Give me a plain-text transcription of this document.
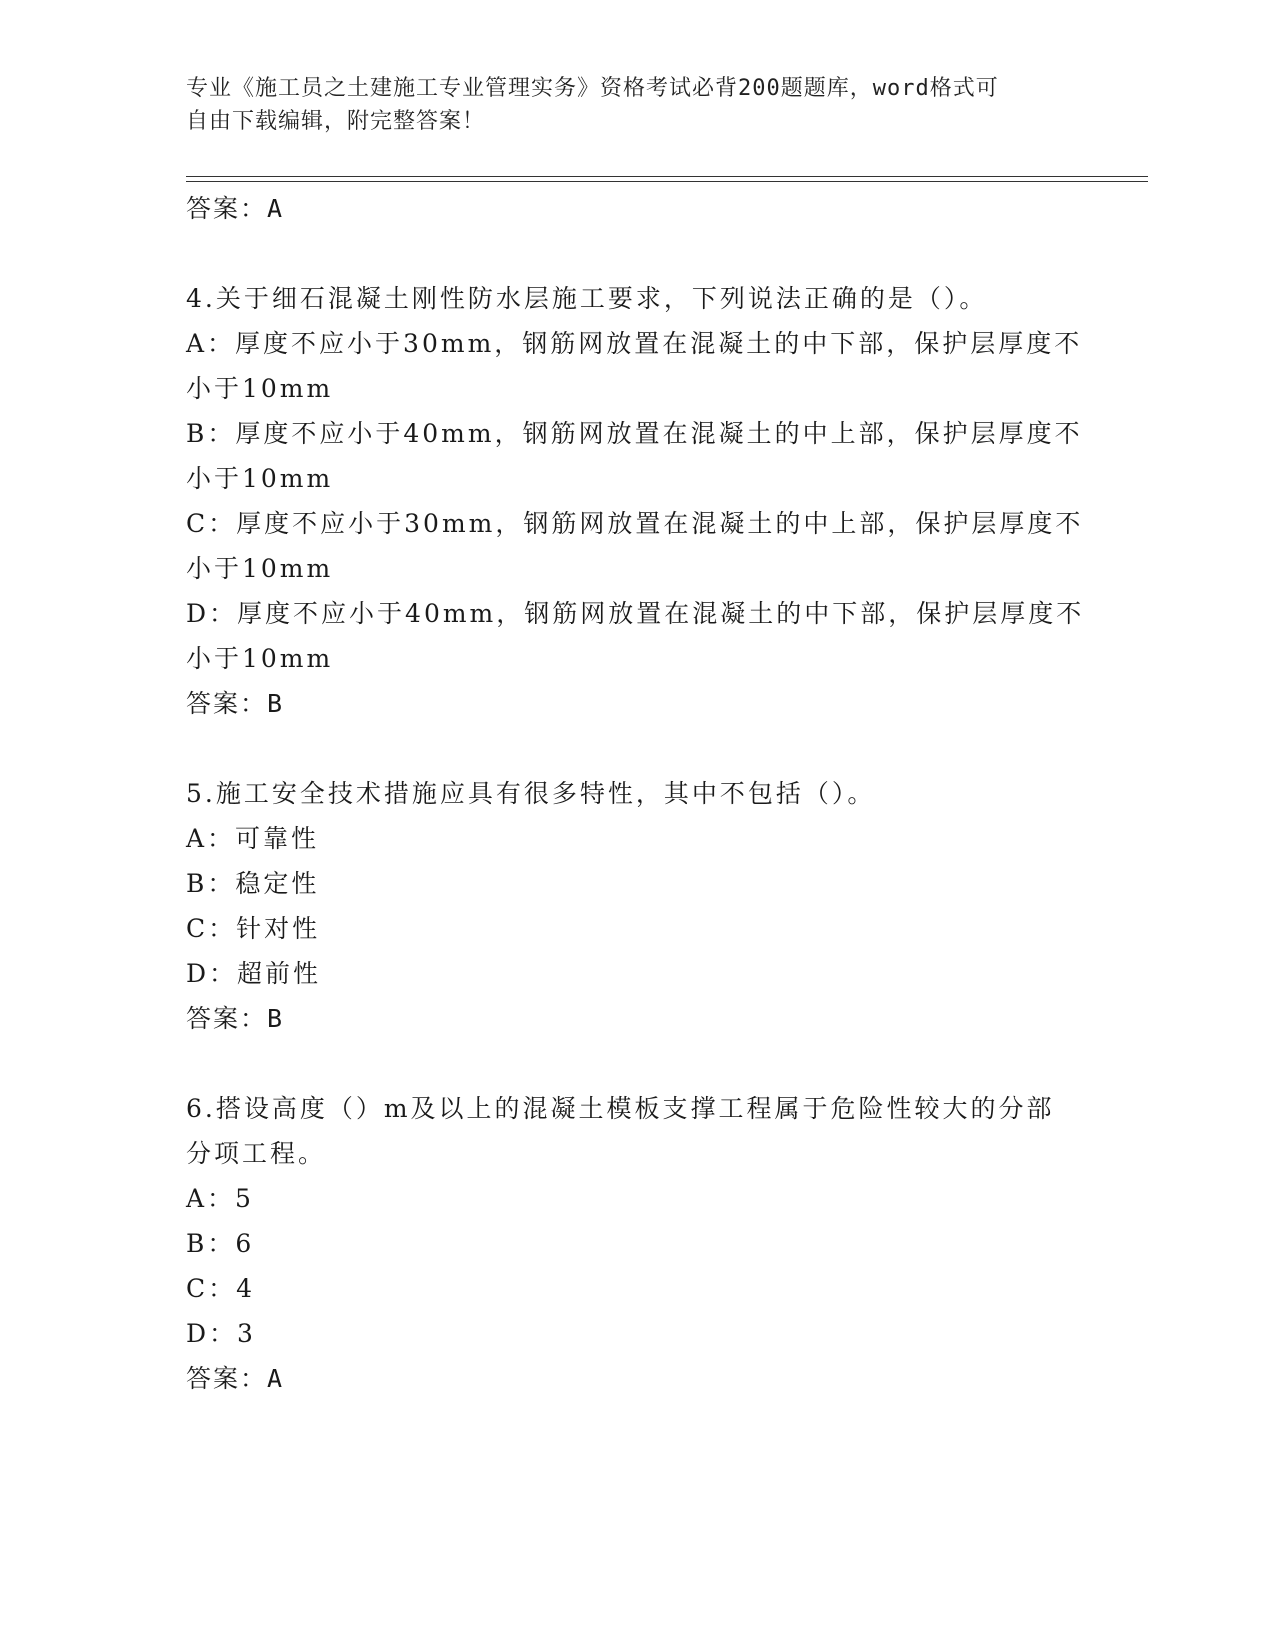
专业《施工员之土建施工专业管理实务》资格考试必背200题题库，word格式可
自由下载编辑，附完整答案！
答案：A
4.关于细石混凝土刚性防水层施工要求，下列说法正确的是（）。
A：厚度不应小于30mm，钢筋网放置在混凝土的中下部，保护层厚度不
小于10mm
B：厚度不应小于40mm，钢筋网放置在混凝土的中上部，保护层厚度不
小于10mm
C：厚度不应小于30mm，钢筋网放置在混凝土的中上部，保护层厚度不
小于10mm
D：厚度不应小于40mm，钢筋网放置在混凝土的中下部，保护层厚度不
小于10mm
答案：B
5.施工安全技术措施应具有很多特性，其中不包括（）。
A：可靠性
B：稳定性
C：针对性
D：超前性
答案：B
6.搭设高度（）m及以上的混凝土模板支撑工程属于危险性较大的分部
分项工程。
A：5
B：6
C：4
D：3
答案：A
